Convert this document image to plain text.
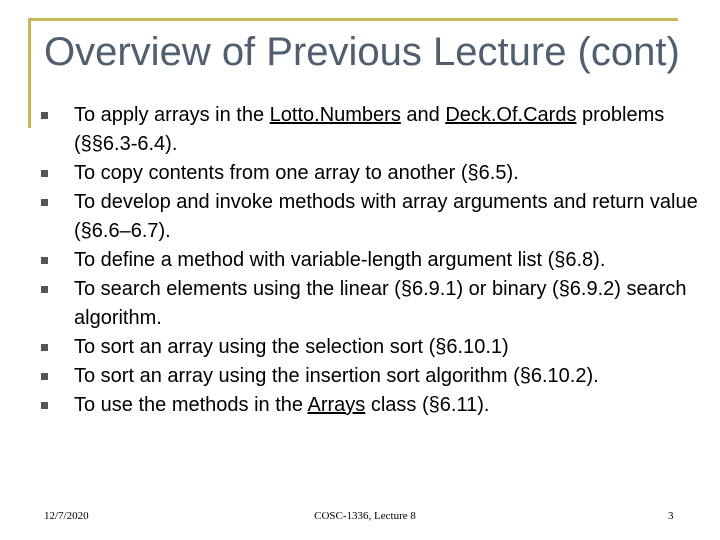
Overview of Previous Lecture (cont)
To apply arrays in the Lotto.Numbers and Deck.Of.Cards problems (§§6.3-6.4).
To copy contents from one array to another (§6.5).
To develop and invoke methods with array arguments and return value (§6.6–6.7).
To define a method with variable-length argument list (§6.8).
To search elements using the linear (§6.9.1) or binary (§6.9.2) search algorithm.
To sort an array using the selection sort (§6.10.1)
To sort an array using the insertion sort algorithm (§6.10.2).
To use the methods in the Arrays class (§6.11).
12/7/2020	COSC-1336, Lecture 8	3
